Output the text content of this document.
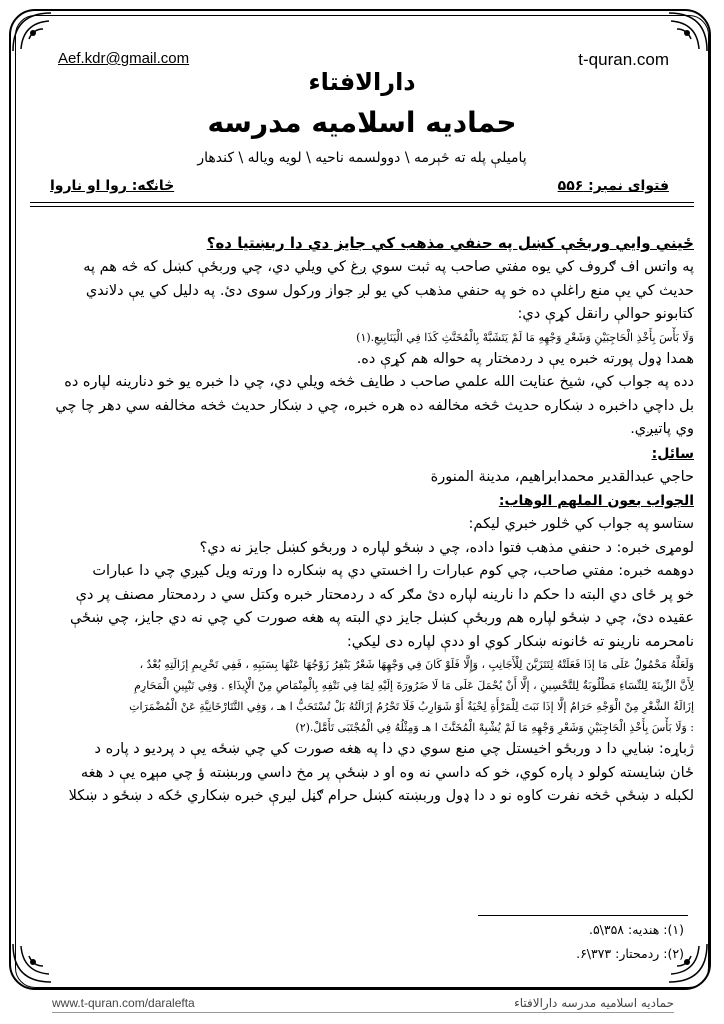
Aef.kdr@gmail.com	t-quran.com
دارالافتاء
حمادیه اسلامیه مدرسه
پامیلې پله ته څېرمه \ دوولسمه ناحیه \ لویه ویاله \ کندهار
فتوای نمبر: ۵۵۶
څانګه: روا او ناروا
ځیني وایي وربځې کښل په حنفي مذهب کي جایز دي دا ربښتیا ده؟
په واتس اف ګروف کي یوه مفتي صاحب په ثبت سوي ږغ کي ویلي دي، چي وربځې کښل که څه هم په
حدیث کي یې منع راغلې ده خو په حنفي مذهب کي یو لږ جواز ورکول سوی دئ. په دلیل کي یې دلاندي
کتابونو حوالې رانقل کړې دي:
وَلَا بَأْسَ بِأَخْذِ الْحَاجِبَيْنِ وَشَعْرِ وَجْهِهِ مَا لَمْ يَتَشَبَّهْ بِالْمُخَنَّثِ كَذَا فِي الْيَنَابِيعِ.(۱)
همدا ډول پورته خبره یې د ردمختار په حواله هم کړې ده.
دده په جواب کي، شیخ عنایت الله علمي صاحب د طایف څخه ویلي دي، چي دا خبره یو خو دنارینه لپاره ده
بل داچي داخبره د ښکاره حدیث څخه مخالفه ده هره خبره، چي د ښکار حدیث څخه مخالفه سي دهر چا چي
وي پاتیږي.
سائل:
حاجي عبدالقدیر محمدابراهیم، مدینة المنورة
الجواب بعون الملهم الوهاب:
ستاسو په جواب کي څلور خبري لیکم:
لومړی خبره: د حنفي مذهب فتوا داده، چي د ښځو لپاره د وربځو کښل جایز نه دي؟
دوهمه خبره: مفتي صاحب، چي کوم عبارات را اخستي دي په ښکاره دا ورته ویل کیږي چي دا عبارات
خو پر ځای دي البته دا حکم دا نارینه لپاره دئ مګر که د ردمحتار خبره وکتل سي د ردمحتار مصنف پر دې
عقیده دئ، چي د ښځو لپاره هم وربځې کښل جایز دي البته په هغه صورت کي چي نه دي جایز، چي ښځې
نامحرمه نارینو ته ځانونه ښکار کوي او ددې لپاره دی لیکي:
وَلَعَلَّهُ مَحْمُولٌ عَلَى مَا إذَا فَعَلَتْهُ لِتَتَزَيَّنَ لِلْأَجَانِبِ ، وَإِلَّا فَلَوْ كَانَ فِي وَجْهِهَا شَعْرٌ يَنْفِرُ زَوْجُهَا عَنْهَا بِسَبَبِهِ ، فَفِي تَحْرِيمِ إزَالَتِهِ بُعْدٌ ،
لِأَنَّ الزِّينَةَ لِلنِّسَاءِ مَطْلُوبَةٌ لِلتَّحْسِينِ ، إلَّا أَنْ يُحْمَلَ عَلَى مَا لَا ضَرُورَةَ إلَيْهِ لِمَا فِي نَتْفِهِ بِالْمِنْمَاصِ مِنْ الْإِيذَاءِ . وَفِي تَبْيِينِ الْمَحَارِمِ
إزَالَةُ الشَّعْرِ مِنْ الْوَجْهِ حَرَامٌ إلَّا إذَا نَبَتَ لِلْمَرْأَةِ لِحْيَةٌ أَوْ شَوَارِبُ فَلَا تَحْرُمُ إزَالَتُهُ بَلْ تُسْتَحَبُّ ا هـ ، وَفِي التَّتَارْخَانِيَّةِ عَنْ الْمُضْمَرَاتِ
: وَلَا بَأْسَ بِأَخْذِ الْحَاجِبَيْنِ وَشَعْرِ وَجْهِهِ مَا لَمْ يُشْبِهْ الْمُخَنَّثَ ا هـ وَمِثْلُهُ فِي الْمُجْتَبَى تَأَمَّلْ.(۲)
ژباړه: ښایي دا د وربځو اخیستل چي منع سوي دي دا په هغه صورت کي چي ښځه یې د پردیو د پاره د
ځان ښایسته کولو د پاره کوي، خو که داسي نه وه او د ښځې پر مخ داسي وربښته ؤ چي مېړه یې د هغه
لکبله د ښځې څخه نفرت کاوه نو د دا ډول وربښته کښل حرام ګڼل لیرې خبره ښکاري ځکه د ښځو د ښکلا
(۱): هندیه: ۳۵۸\۵.
(۲): ردمحتار: ۳۷۳\۶.
www.t-quran.com/daralefta	حمادیه اسلامیه مدرسه دارالافتاء
